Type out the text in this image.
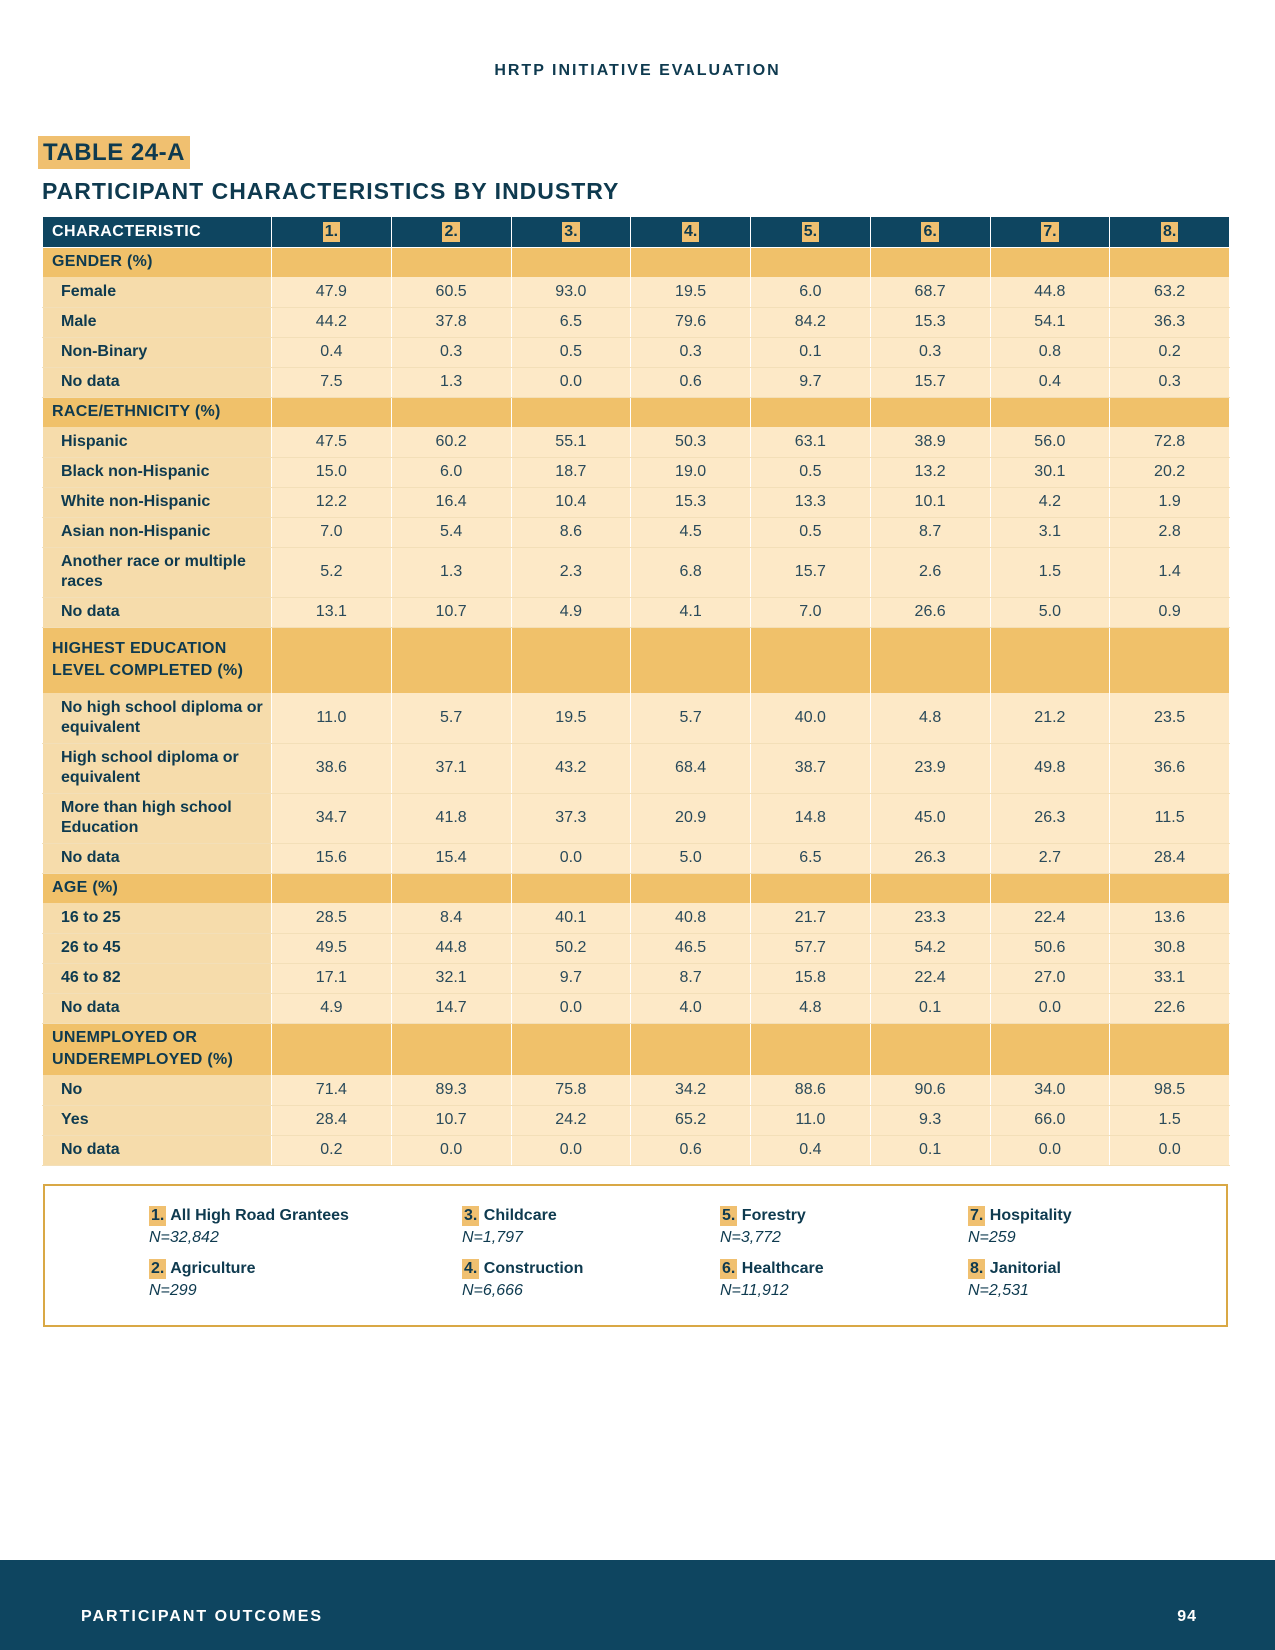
HRTP INITIATIVE EVALUATION
TABLE 24-A
PARTICIPANT CHARACTERISTICS BY INDUSTRY
CHARACTERISTIC	1.	2.	3.	4.	5.	6.	7.	8.
GENDER (%)								
Female	47.9	60.5	93.0	19.5	6.0	68.7	44.8	63.2
Male	44.2	37.8	6.5	79.6	84.2	15.3	54.1	36.3
Non-Binary	0.4	0.3	0.5	0.3	0.1	0.3	0.8	0.2
No data	7.5	1.3	0.0	0.6	9.7	15.7	0.4	0.3
RACE/ETHNICITY (%)								
Hispanic	47.5	60.2	55.1	50.3	63.1	38.9	56.0	72.8
Black non-Hispanic	15.0	6.0	18.7	19.0	0.5	13.2	30.1	20.2
White non-Hispanic	12.2	16.4	10.4	15.3	13.3	10.1	4.2	1.9
Asian non-Hispanic	7.0	5.4	8.6	4.5	0.5	8.7	3.1	2.8
Another race or multiple races	5.2	1.3	2.3	6.8	15.7	2.6	1.5	1.4
No data	13.1	10.7	4.9	4.1	7.0	26.6	5.0	0.9
HIGHEST EDUCATION LEVEL COMPLETED (%)								
No high school diploma or equivalent	11.0	5.7	19.5	5.7	40.0	4.8	21.2	23.5
High school diploma or equivalent	38.6	37.1	43.2	68.4	38.7	23.9	49.8	36.6
More than high school Education	34.7	41.8	37.3	20.9	14.8	45.0	26.3	11.5
No data	15.6	15.4	0.0	5.0	6.5	26.3	2.7	28.4
AGE (%)								
16 to 25	28.5	8.4	40.1	40.8	21.7	23.3	22.4	13.6
26 to 45	49.5	44.8	50.2	46.5	57.7	54.2	50.6	30.8
46 to 82	17.1	32.1	9.7	8.7	15.8	22.4	27.0	33.1
No data	4.9	14.7	0.0	4.0	4.8	0.1	0.0	22.6
UNEMPLOYED OR UNDEREMPLOYED (%)								
No	71.4	89.3	75.8	34.2	88.6	90.6	34.0	98.5
Yes	28.4	10.7	24.2	65.2	11.0	9.3	66.0	1.5
No data	0.2	0.0	0.0	0.6	0.4	0.1	0.0	0.0
1. All High Road Grantees
N=32,842
2. Agriculture
N=299
3. Childcare
N=1,797
4. Construction
N=6,666
5. Forestry
N=3,772
6. Healthcare
N=11,912
7. Hospitality
N=259
8. Janitorial
N=2,531
PARTICIPANT OUTCOMES	94
